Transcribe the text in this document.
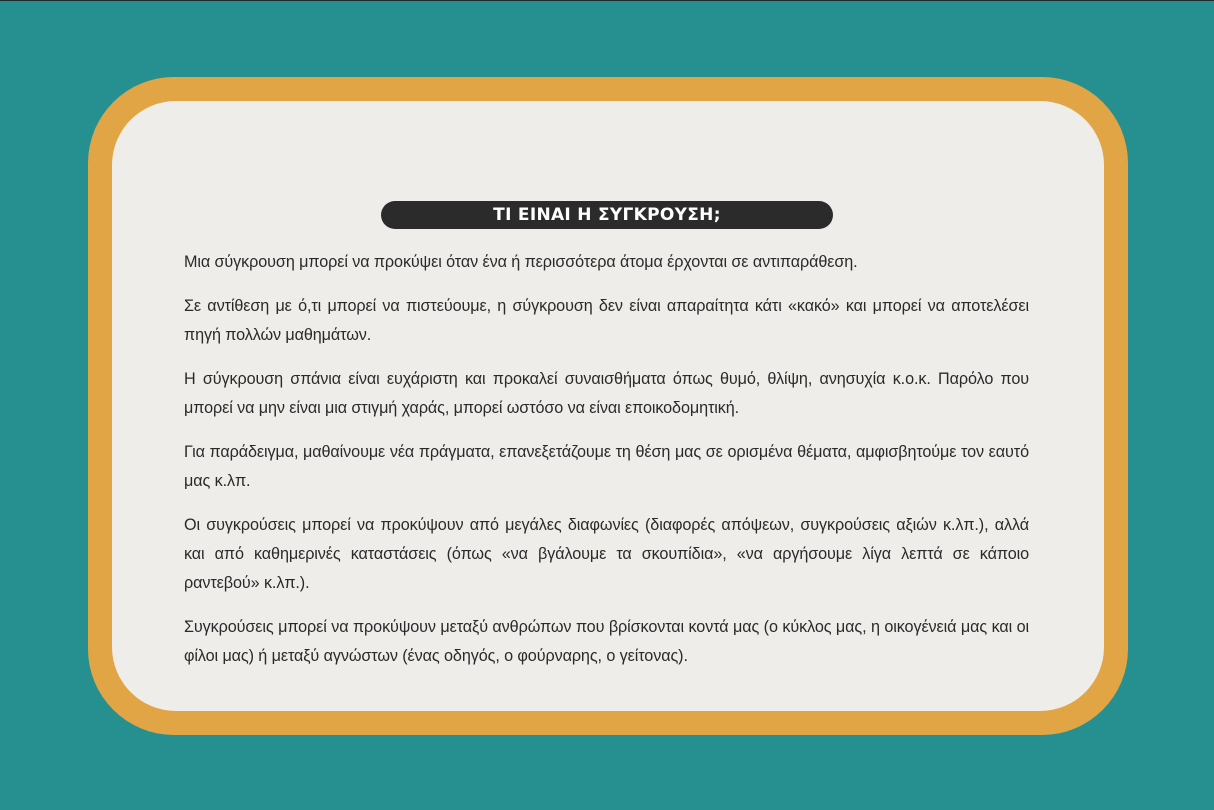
ΤΙ ΕΙΝΑΙ Η ΣΥΓΚΡΟΥΣΗ;

Μια σύγκρουση μπορεί να προκύψει όταν ένα ή περισσότερα άτομα έρχονται σε αντιπαράθεση.

Σε αντίθεση με ό,τι μπορεί να πιστεύουμε, η σύγκρουση δεν είναι απαραίτητα κάτι «κακό» και μπορεί να αποτελέσει πηγή πολλών μαθημάτων.

Η σύγκρουση σπάνια είναι ευχάριστη και προκαλεί συναισθήματα όπως θυμό, θλίψη, ανησυχία κ.ο.κ. Παρόλο που μπορεί να μην είναι μια στιγμή χαράς, μπορεί ωστόσο να είναι εποικοδομητική.

Για παράδειγμα, μαθαίνουμε νέα πράγματα, επανεξετάζουμε τη θέση μας σε ορισμένα θέματα, αμφισβητούμε τον εαυτό μας κ.λπ.

Οι συγκρούσεις μπορεί να προκύψουν από μεγάλες διαφωνίες (διαφορές απόψεων, συγκρούσεις αξιών κ.λπ.), αλλά και από καθημερινές καταστάσεις (όπως «να βγάλουμε τα σκουπίδια», «να αργήσουμε λίγα λεπτά σε κάποιο ραντεβού» κ.λπ.).

Συγκρούσεις μπορεί να προκύψουν μεταξύ ανθρώπων που βρίσκονται κοντά μας (ο κύκλος μας, η οικογένειά μας και οι φίλοι μας) ή μεταξύ αγνώστων (ένας οδηγός, ο φούρναρης, ο γείτονας).
